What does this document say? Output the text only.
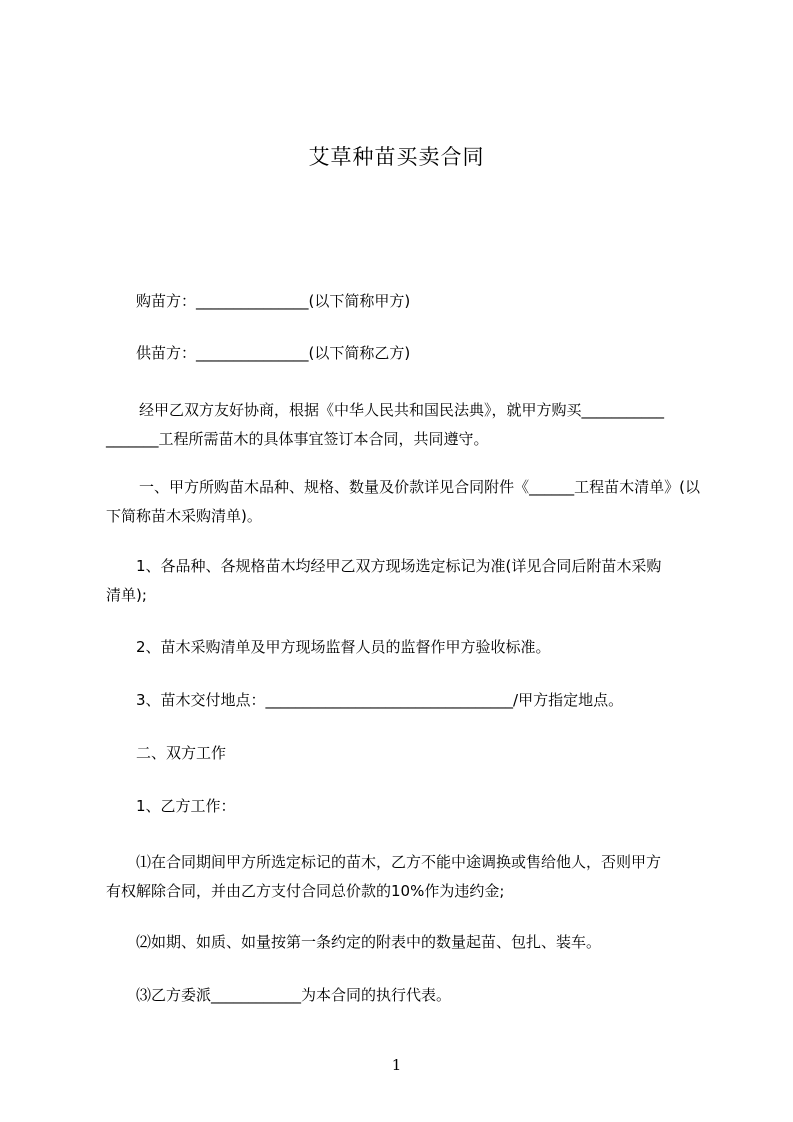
艾草种苗买卖合同
购苗方：_______________(以下简称甲方)
供苗方：_______________(以下简称乙方)
经甲乙双方友好协商，根据《中华人民共和国民法典》，就甲方购买___________
_______工程所需苗木的具体事宜签订本合同，共同遵守。
一、甲方所购苗木品种、规格、数量及价款详见合同附件《______工程苗木清单》(以下简称苗木采购清单)。
1、各品种、各规格苗木均经甲乙双方现场选定标记为准(详见合同后附苗木采购
清单);
2、苗木采购清单及甲方现场监督人员的监督作甲方验收标准。
3、苗木交付地点：_________________________________/甲方指定地点。
二、双方工作
1、乙方工作：
⑴在合同期间甲方所选定标记的苗木，乙方不能中途调换或售给他人，否则甲方
有权解除合同，并由乙方支付合同总价款的10%作为违约金;
⑵如期、如质、如量按第一条约定的附表中的数量起苗、包扎、装车。
⑶乙方委派____________为本合同的执行代表。
1
